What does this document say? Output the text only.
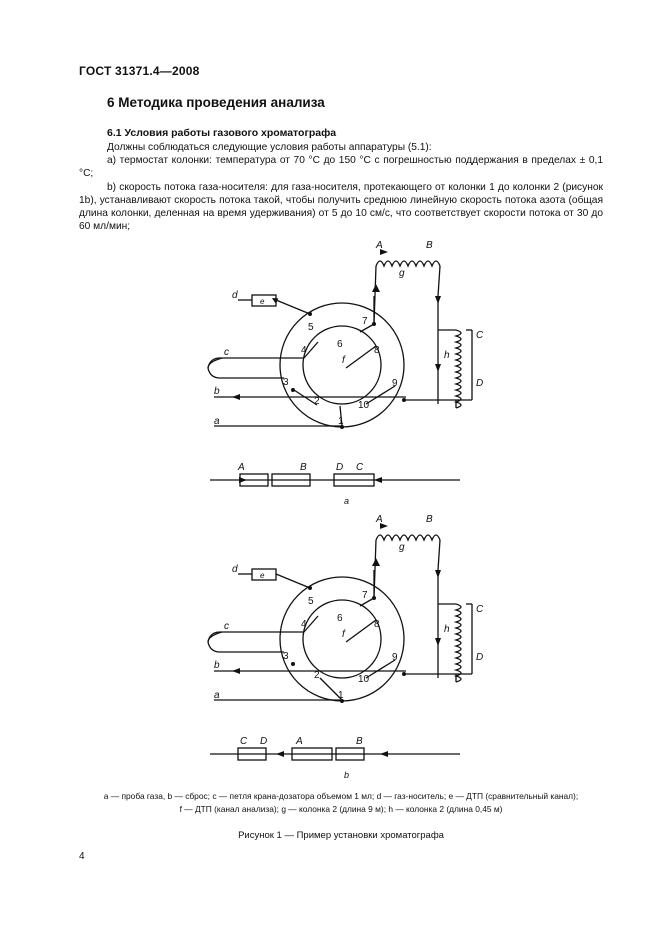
ГОСТ 31371.4—2008
6 Методика проведения анализа
6.1 Условия работы газового хроматографа
Должны соблюдаться следующие условия работы аппаратуры (5.1):
a) термостат колонки: температура от 70 °С до 150 °С с погрешностью поддержания в пределах ± 0,1 °С;
b) скорость потока газа-носителя: для газа-носителя, протекающего от колонки 1 до колонки 2 (рисунок 1b), устанавливают скорость потока такой, чтобы получить среднюю линейную скорость потока азота (общая длина колонки, деленная на время удерживания) от 5 до 10 см/с, что соответствует скорости потока от 30 до 60 мл/мин;
1
2
3
4
5
6
7
8
9
10
d
e
c
b
a
f
g
h
A	B
C
D
A	B	D C
a
1
2
3
4
5
6
7
8
9
10
d
e
c
b
a
f
g
h
A	B
C
D
C D	A	B
b
a — проба газа, b — сброс; c — петля крана-дозатора объемом 1 мл; d — газ-носитель; e — ДТП (сравнительный канал);
f — ДТП (канал анализа); g — колонка 2 (длина 9 м); h — колонка 2 (длина 0,45 м)
Рисунок 1 — Пример установки хроматографа
4
